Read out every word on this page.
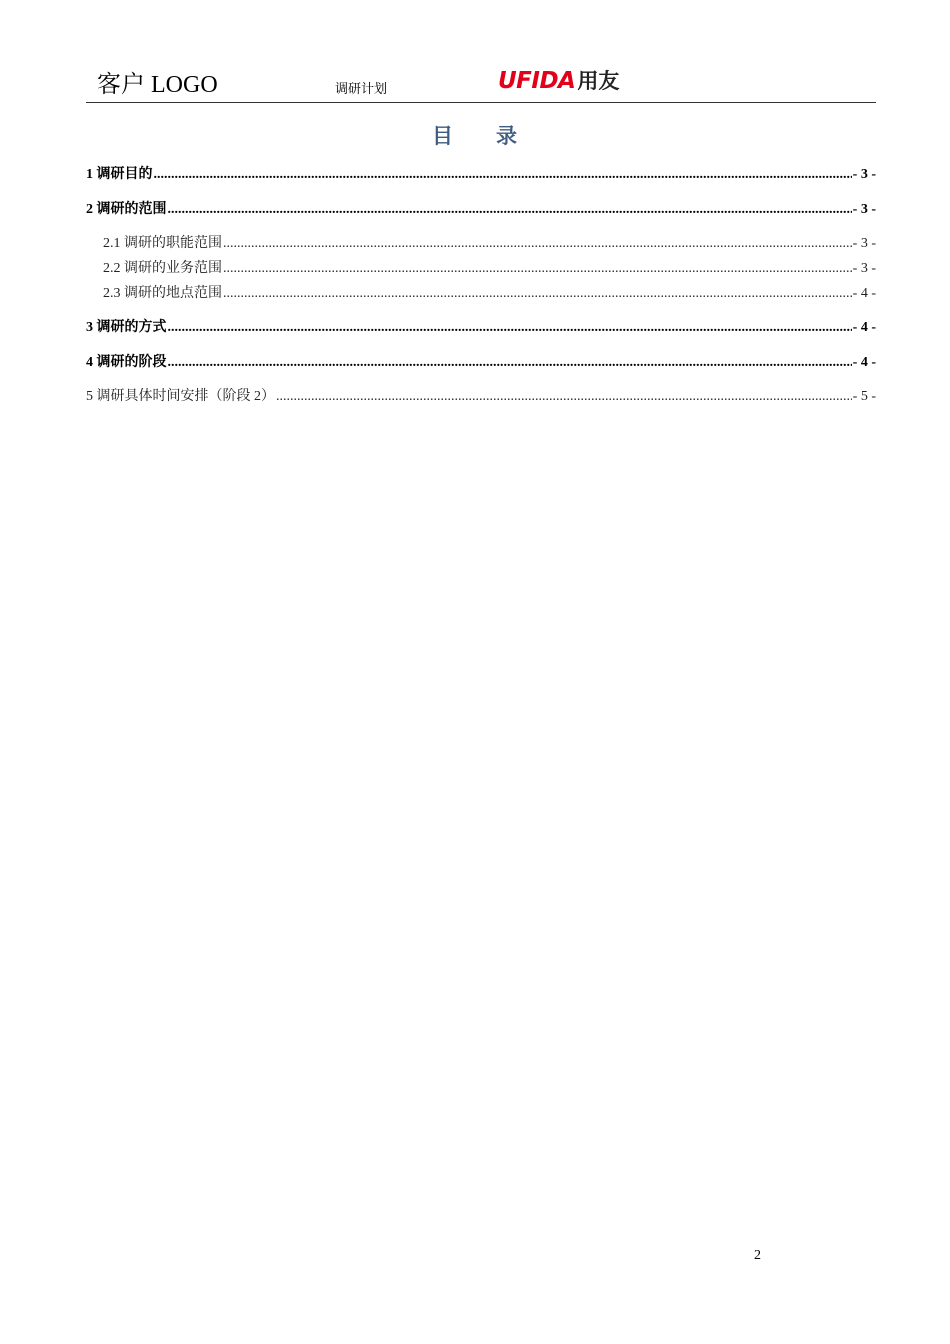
客户 LOGO	调研计划	UFIDA用友
目 录
1 调研目的 .....	- 3 -
2 调研的范围 .....	- 3 -
2.1 调研的职能范围 .....	- 3 -
2.2 调研的业务范围 .....	- 3 -
2.3 调研的地点范围 .....	- 4 -
3 调研的方式 .....	- 4 -
4 调研的阶段 .....	- 4 -
5 调研具体时间安排（阶段 2） .....	- 5 -
2
